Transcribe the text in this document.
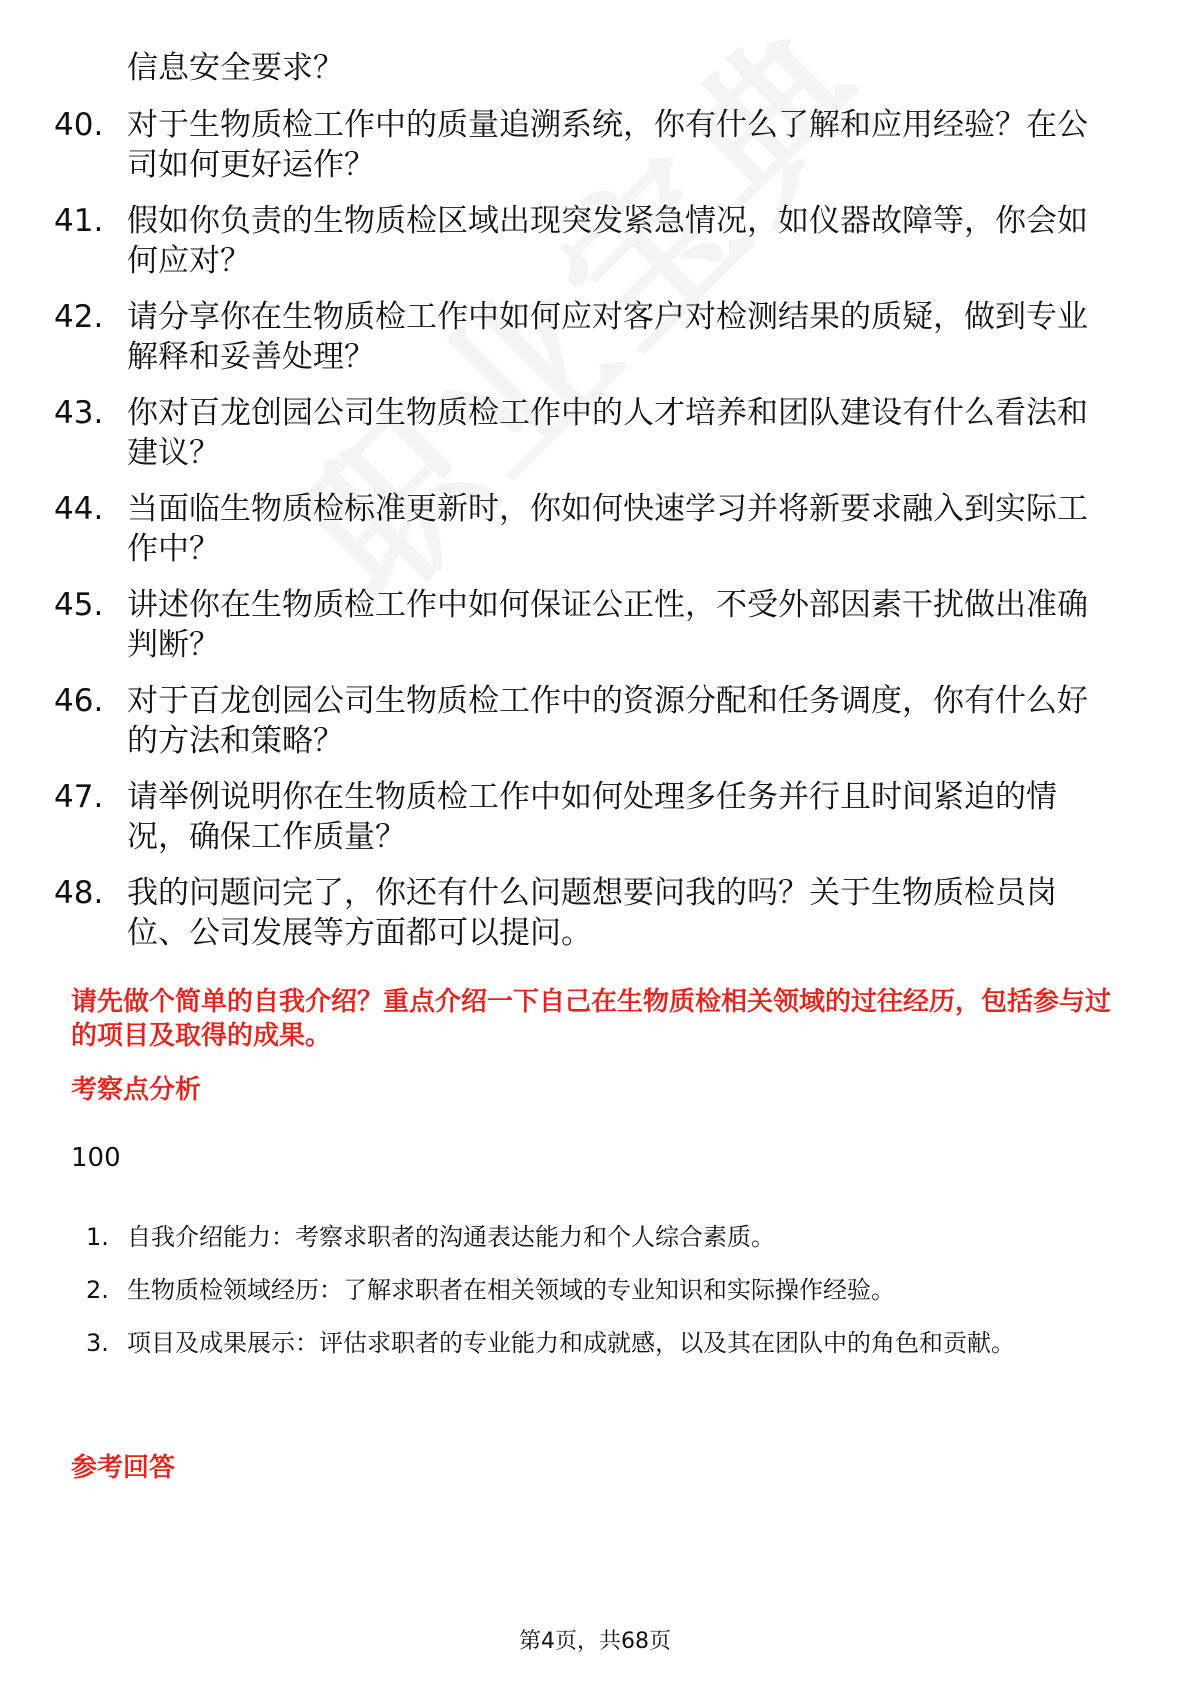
信息安全要求？
40. 对于生物质检工作中的质量追溯系统，你有什么了解和应用经验？在公司如何更好运作？
41. 假如你负责的生物质检区域出现突发紧急情况，如仪器故障等，你会如何应对？
42. 请分享你在生物质检工作中如何应对客户对检测结果的质疑，做到专业解释和妥善处理？
43. 你对百龙创园公司生物质检工作中的人才培养和团队建设有什么看法和建议？
44. 当面临生物质检标准更新时，你如何快速学习并将新要求融入到实际工作中？
45. 讲述你在生物质检工作中如何保证公正性，不受外部因素干扰做出准确判断？
46. 对于百龙创园公司生物质检工作中的资源分配和任务调度，你有什么好的方法和策略？
47. 请举例说明你在生物质检工作中如何处理多任务并行且时间紧迫的情况，确保工作质量？
48. 我的问题问完了，你还有什么问题想要问我的吗？关于生物质检员岗位、公司发展等方面都可以提问。
请先做个简单的自我介绍？重点介绍一下自己在生物质检相关领域的过往经历，包括参与过的项目及取得的成果。
考察点分析
100
1. 自我介绍能力：考察求职者的沟通表达能力和个人综合素质。
2. 生物质检领域经历：了解求职者在相关领域的专业知识和实际操作经验。
3. 项目及成果展示：评估求职者的专业能力和成就感，以及其在团队中的角色和贡献。
参考回答
第4页，共68页
